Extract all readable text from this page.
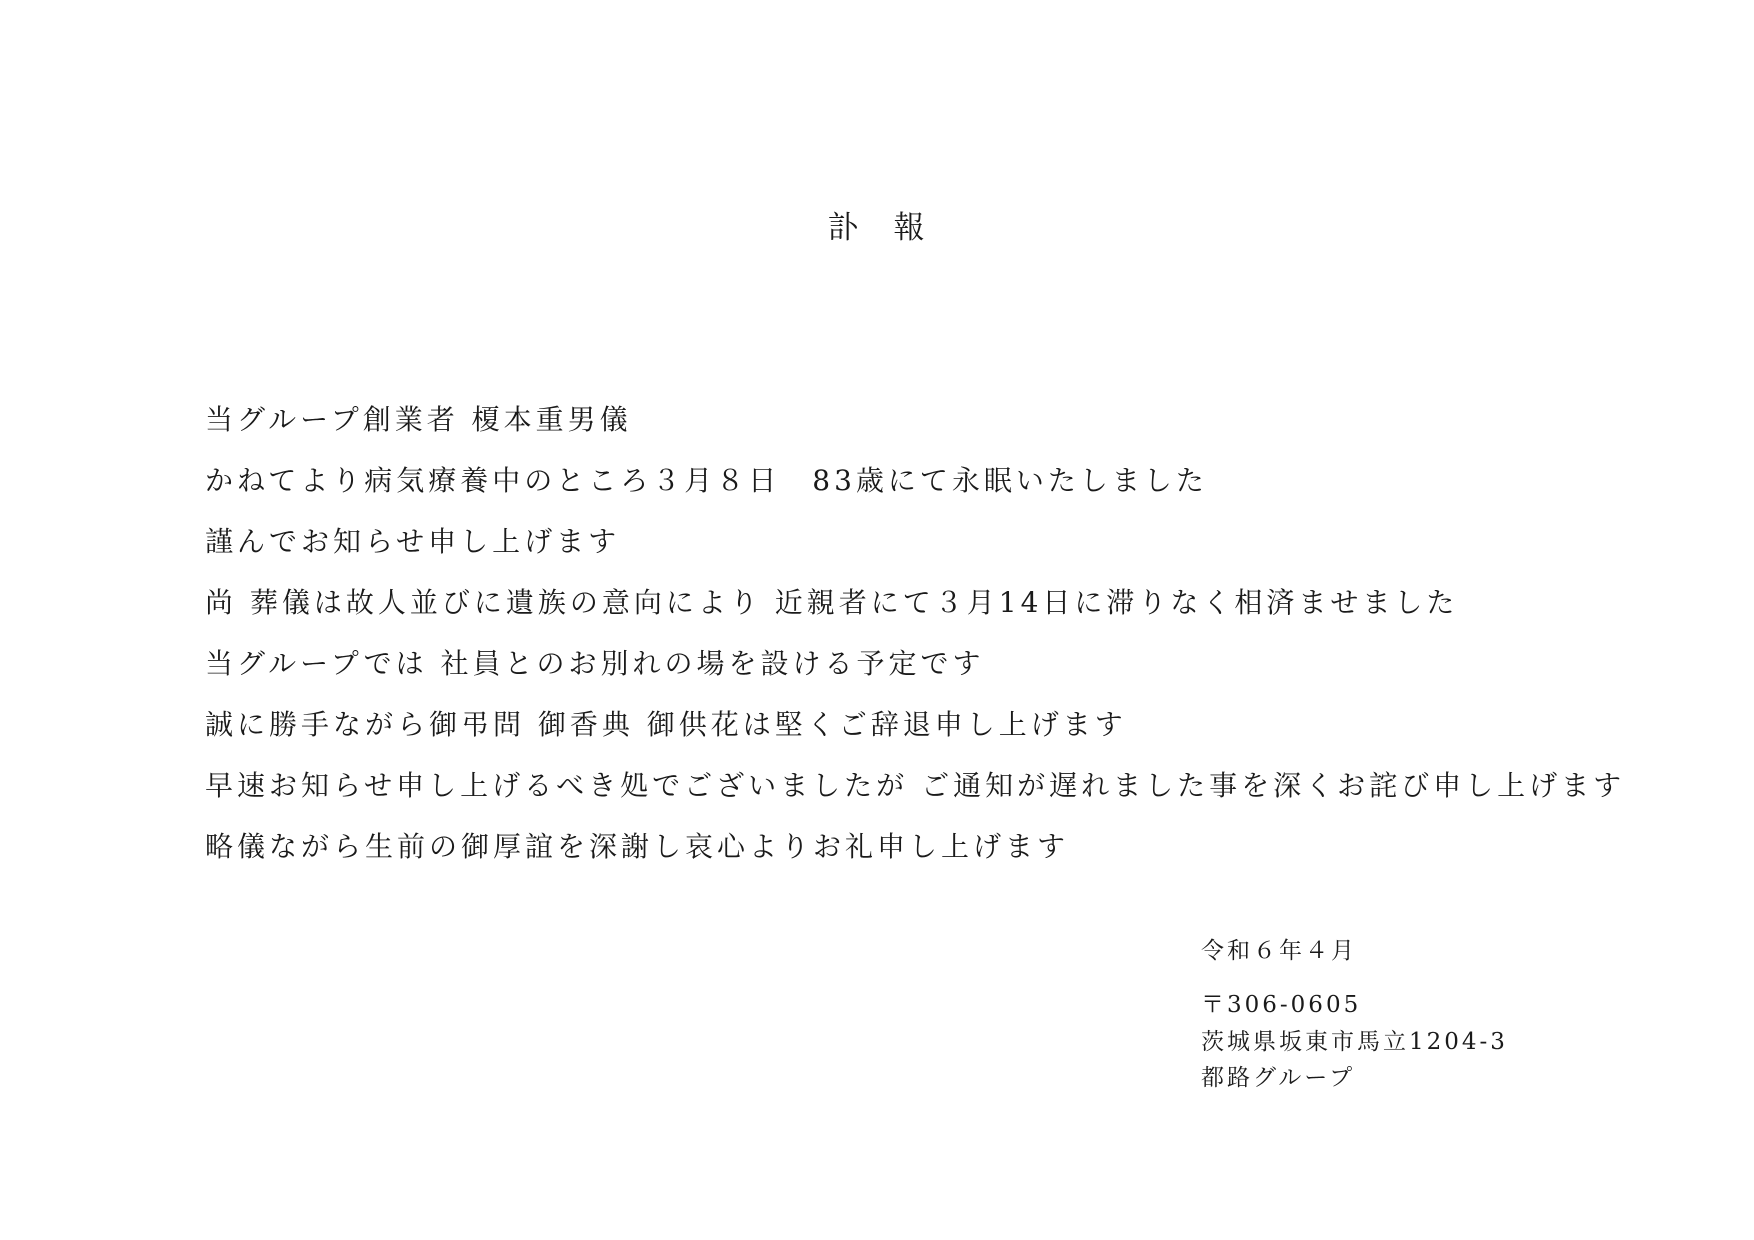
訃　報
当グループ創業者 榎本重男儀
かねてより病気療養中のところ３月８日　83歳にて永眠いたしました
謹んでお知らせ申し上げます
尚 葬儀は故人並びに遺族の意向により 近親者にて３月14日に滞りなく相済ませました
当グループでは 社員とのお別れの場を設ける予定です
誠に勝手ながら御弔問 御香典 御供花は堅くご辞退申し上げます
早速お知らせ申し上げるべき処でございましたが ご通知が遅れました事を深くお詫び申し上げます
略儀ながら生前の御厚誼を深謝し哀心よりお礼申し上げます
令和６年４月
〒306-0605
茨城県坂東市馬立1204-3
都路グループ
